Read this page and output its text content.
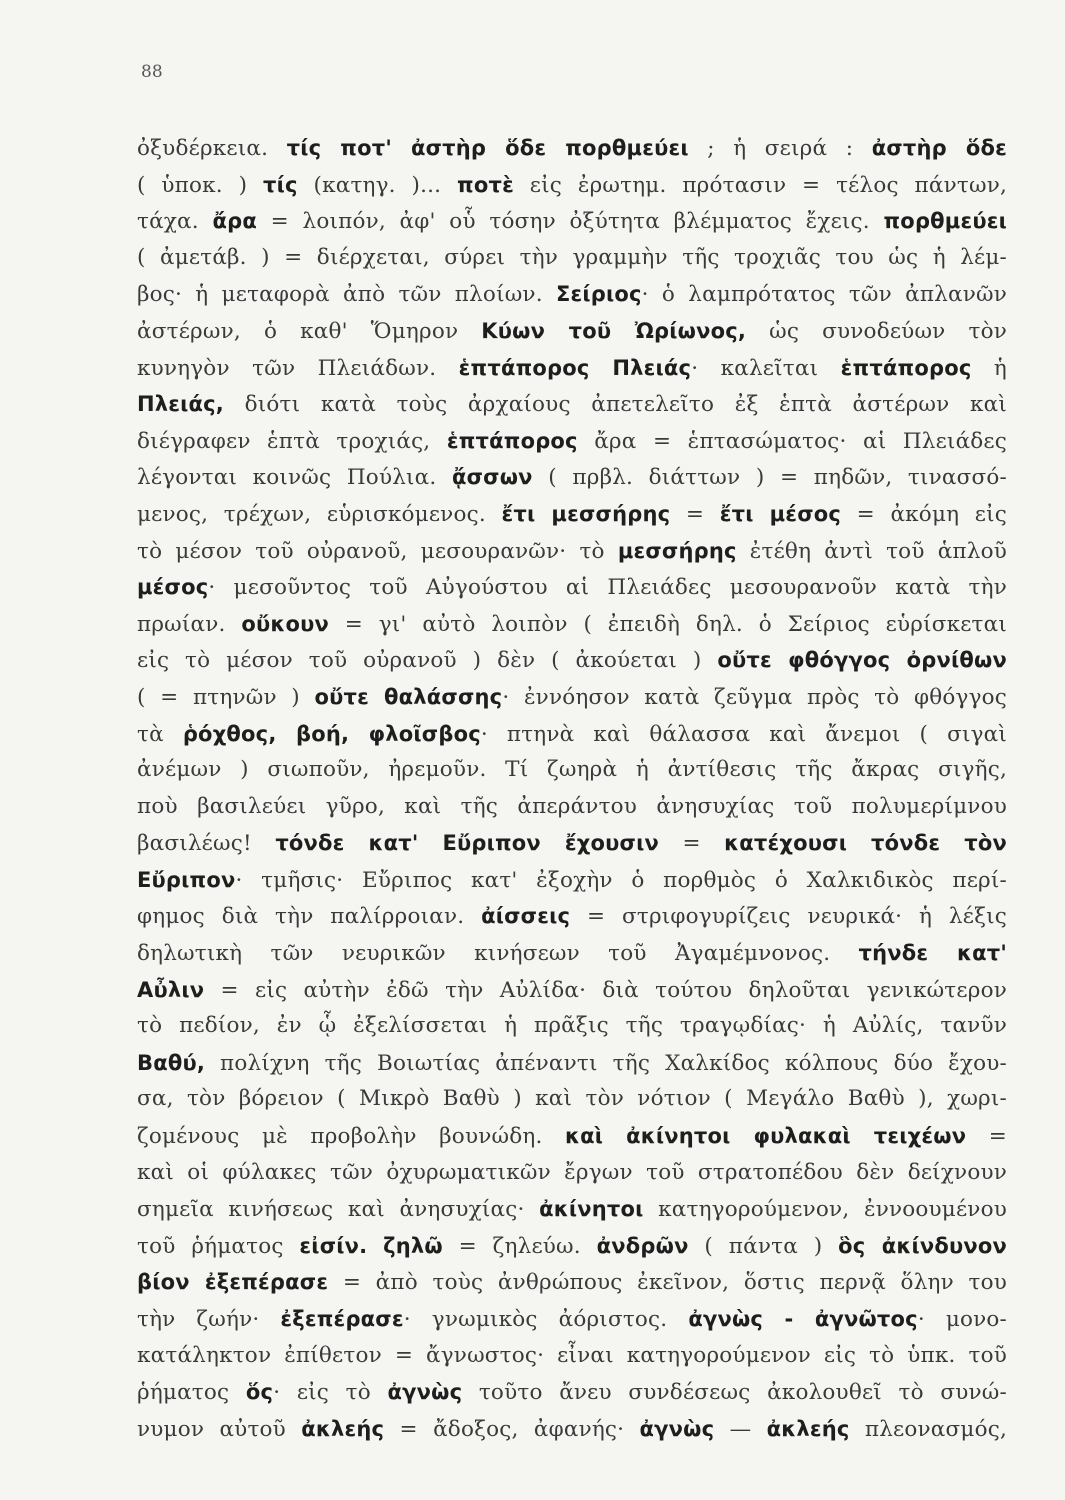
88
ὀξυδέρκεια. τίς ποτ' ἀστὴρ ὅδε πορθμεύει ; ἡ σειρά : ἀστὴρ ὅδε
( ὑποκ. ) τίς (κατηγ. )... ποτὲ εἰς ἐρωτημ. πρότασιν = τέλος πάντων,
τάχα. ἄρα = λοιπόν, ἀφ' οὗ τόσην ὀξύτητα βλέμματος ἔχεις. πορθμεύει
( ἀμετάβ. ) = διέρχεται, σύρει τὴν γραμμὴν τῆς τροχιᾶς του ὡς ἡ λέμ-
βος· ἡ μεταφορὰ ἀπὸ τῶν πλοίων. Σείριος· ὁ λαμπρότατος τῶν ἀπλανῶν
ἀστέρων, ὁ καθ' Ὅμηρον Κύων τοῦ Ὠρίωνος, ὡς συνοδεύων τὸν
κυνηγὸν τῶν Πλειάδων. ἑπτάπορος Πλειάς· καλεῖται ἑπτάπορος ἡ
Πλειάς, διότι κατὰ τοὺς ἀρχαίους ἀπετελεῖτο ἐξ ἑπτὰ ἀστέρων καὶ
διέγραφεν ἑπτὰ τροχιάς, ἑπτάπορος ἄρα = ἑπτασώματος· αἱ Πλειάδες
λέγονται κοινῶς Πούλια. ᾄσσων ( πρβλ. διάττων ) = πηδῶν, τινασσό-
μενος, τρέχων, εὑρισκόμενος. ἔτι μεσσήρης = ἔτι μέσος = ἀκόμη εἰς
τὸ μέσον τοῦ οὐρανοῦ, μεσουρανῶν· τὸ μεσσήρης ἐτέθη ἀντὶ τοῦ ἁπλοῦ
μέσος· μεσοῦντος τοῦ Αὐγούστου αἱ Πλειάδες μεσουρανοῦν κατὰ τὴν
πρωίαν. οὔκουν = γι' αὐτὸ λοιπὸν ( ἐπειδὴ δηλ. ὁ Σείριος εὑρίσκεται
εἰς τὸ μέσον τοῦ οὐρανοῦ ) δὲν ( ἀκούεται ) οὔτε φθόγγος ὀρνίθων
( = πτηνῶν ) οὔτε θαλάσσης· ἐννόησον κατὰ ζεῦγμα πρὸς τὸ φθόγγος
τὰ ῥόχθος, βοή, φλοῖσβος· πτηνὰ καὶ θάλασσα καὶ ἄνεμοι ( σιγαὶ
ἀνέμων ) σιωποῦν, ἠρεμοῦν. Τί ζωηρὰ ἡ ἀντίθεσις τῆς ἄκρας σιγῆς,
ποὺ βασιλεύει γῦρο, καὶ τῆς ἀπεράντου ἀνησυχίας τοῦ πολυμερίμνου
βασιλέως! τόνδε κατ' Εὔριπον ἔχουσιν = κατέχουσι τόνδε τὸν
Εὔριπον· τμῆσις· Εὔριπος κατ' ἐξοχὴν ὁ πορθμὸς ὁ Χαλκιδικὸς περί-
φημος διὰ τὴν παλίρροιαν. ἀίσσεις = στριφογυρίζεις νευρικά· ἡ λέξις
δηλωτικὴ τῶν νευρικῶν κινήσεων τοῦ Ἀγαμέμνονος. τήνδε κατ'
Αὖλιν = εἰς αὐτὴν ἐδῶ τὴν Αὐλίδα· διὰ τούτου δηλοῦται γενικώτερον
τὸ πεδίον, ἐν ᾧ ἐξελίσσεται ἡ πρᾶξις τῆς τραγῳδίας· ἡ Αὐλίς, τανῦν
Βαθύ, πολίχνη τῆς Βοιωτίας ἀπέναντι τῆς Χαλκίδος κόλπους δύο ἔχου-
σα, τὸν βόρειον ( Μικρὸ Βαθὺ ) καὶ τὸν νότιον ( Μεγάλο Βαθὺ ), χωρι-
ζομένους μὲ προβολὴν βουνώδη. καὶ ἀκίνητοι φυλακαὶ τειχέων =
καὶ οἱ φύλακες τῶν ὀχυρωματικῶν ἔργων τοῦ στρατοπέδου δὲν δείχνουν
σημεῖα κινήσεως καὶ ἀνησυχίας· ἀκίνητοι κατηγορούμενον, ἐννοουμένου
τοῦ ῥήματος εἰσίν. ζηλῶ = ζηλεύω. ἀνδρῶν ( πάντα ) ὃς ἀκίνδυνον
βίον ἐξεπέρασε = ἀπὸ τοὺς ἀνθρώπους ἐκεῖνον, ὅστις περνᾷ ὅλην του
τὴν ζωήν· ἐξεπέρασε· γνωμικὸς ἀόριστος. ἀγνὼς - ἀγνῶτος· μονο-
κατάληκτον ἐπίθετον = ἄγνωστος· εἶναι κατηγορούμενον εἰς τὸ ὑπκ. τοῦ
ῥήματος ὅς· εἰς τὸ ἀγνὼς τοῦτο ἄνευ συνδέσεως ἀκολουθεῖ τὸ συνώ-
νυμον αὐτοῦ ἀκλεής = ἄδοξος, ἀφανής· ἀγνὼς — ἀκλεής πλεονασμός,
